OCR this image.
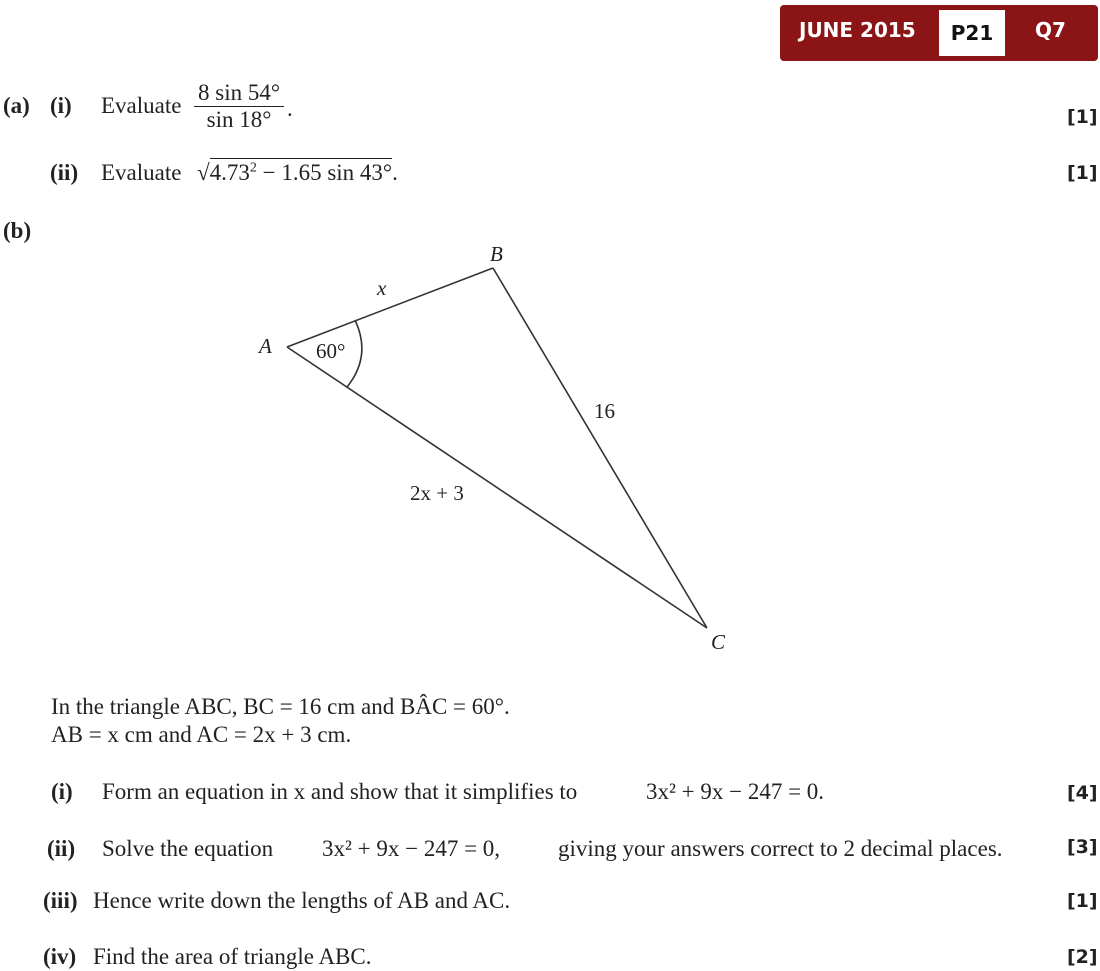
JUNE 2015	P21	Q7
(a) (i) Evaluate $\frac{8 \sin 54^\circ}{\sin 18^\circ}$ .	[1]
(ii) Evaluate $√4.73^2 - 1.65$ sin 43°.	[1]
(b)
A
B
C
x
16
2x + 3
60°
In the triangle ABC, BC = 16 cm and BÂC = 60°.
AB = x cm and AC = 2x + 3 cm.
(i) Form an equation in x and show that it simplifies to	3x² + 9x − 247 = 0.	[4]
(ii) Solve the equation 3x² + 9x − 247 = 0,	giving your answers correct to 2 decimal places.	[3]
(iii) Hence write down the lengths of AB and AC.	[1]
(iv) Find the area of triangle ABC.	[2]
